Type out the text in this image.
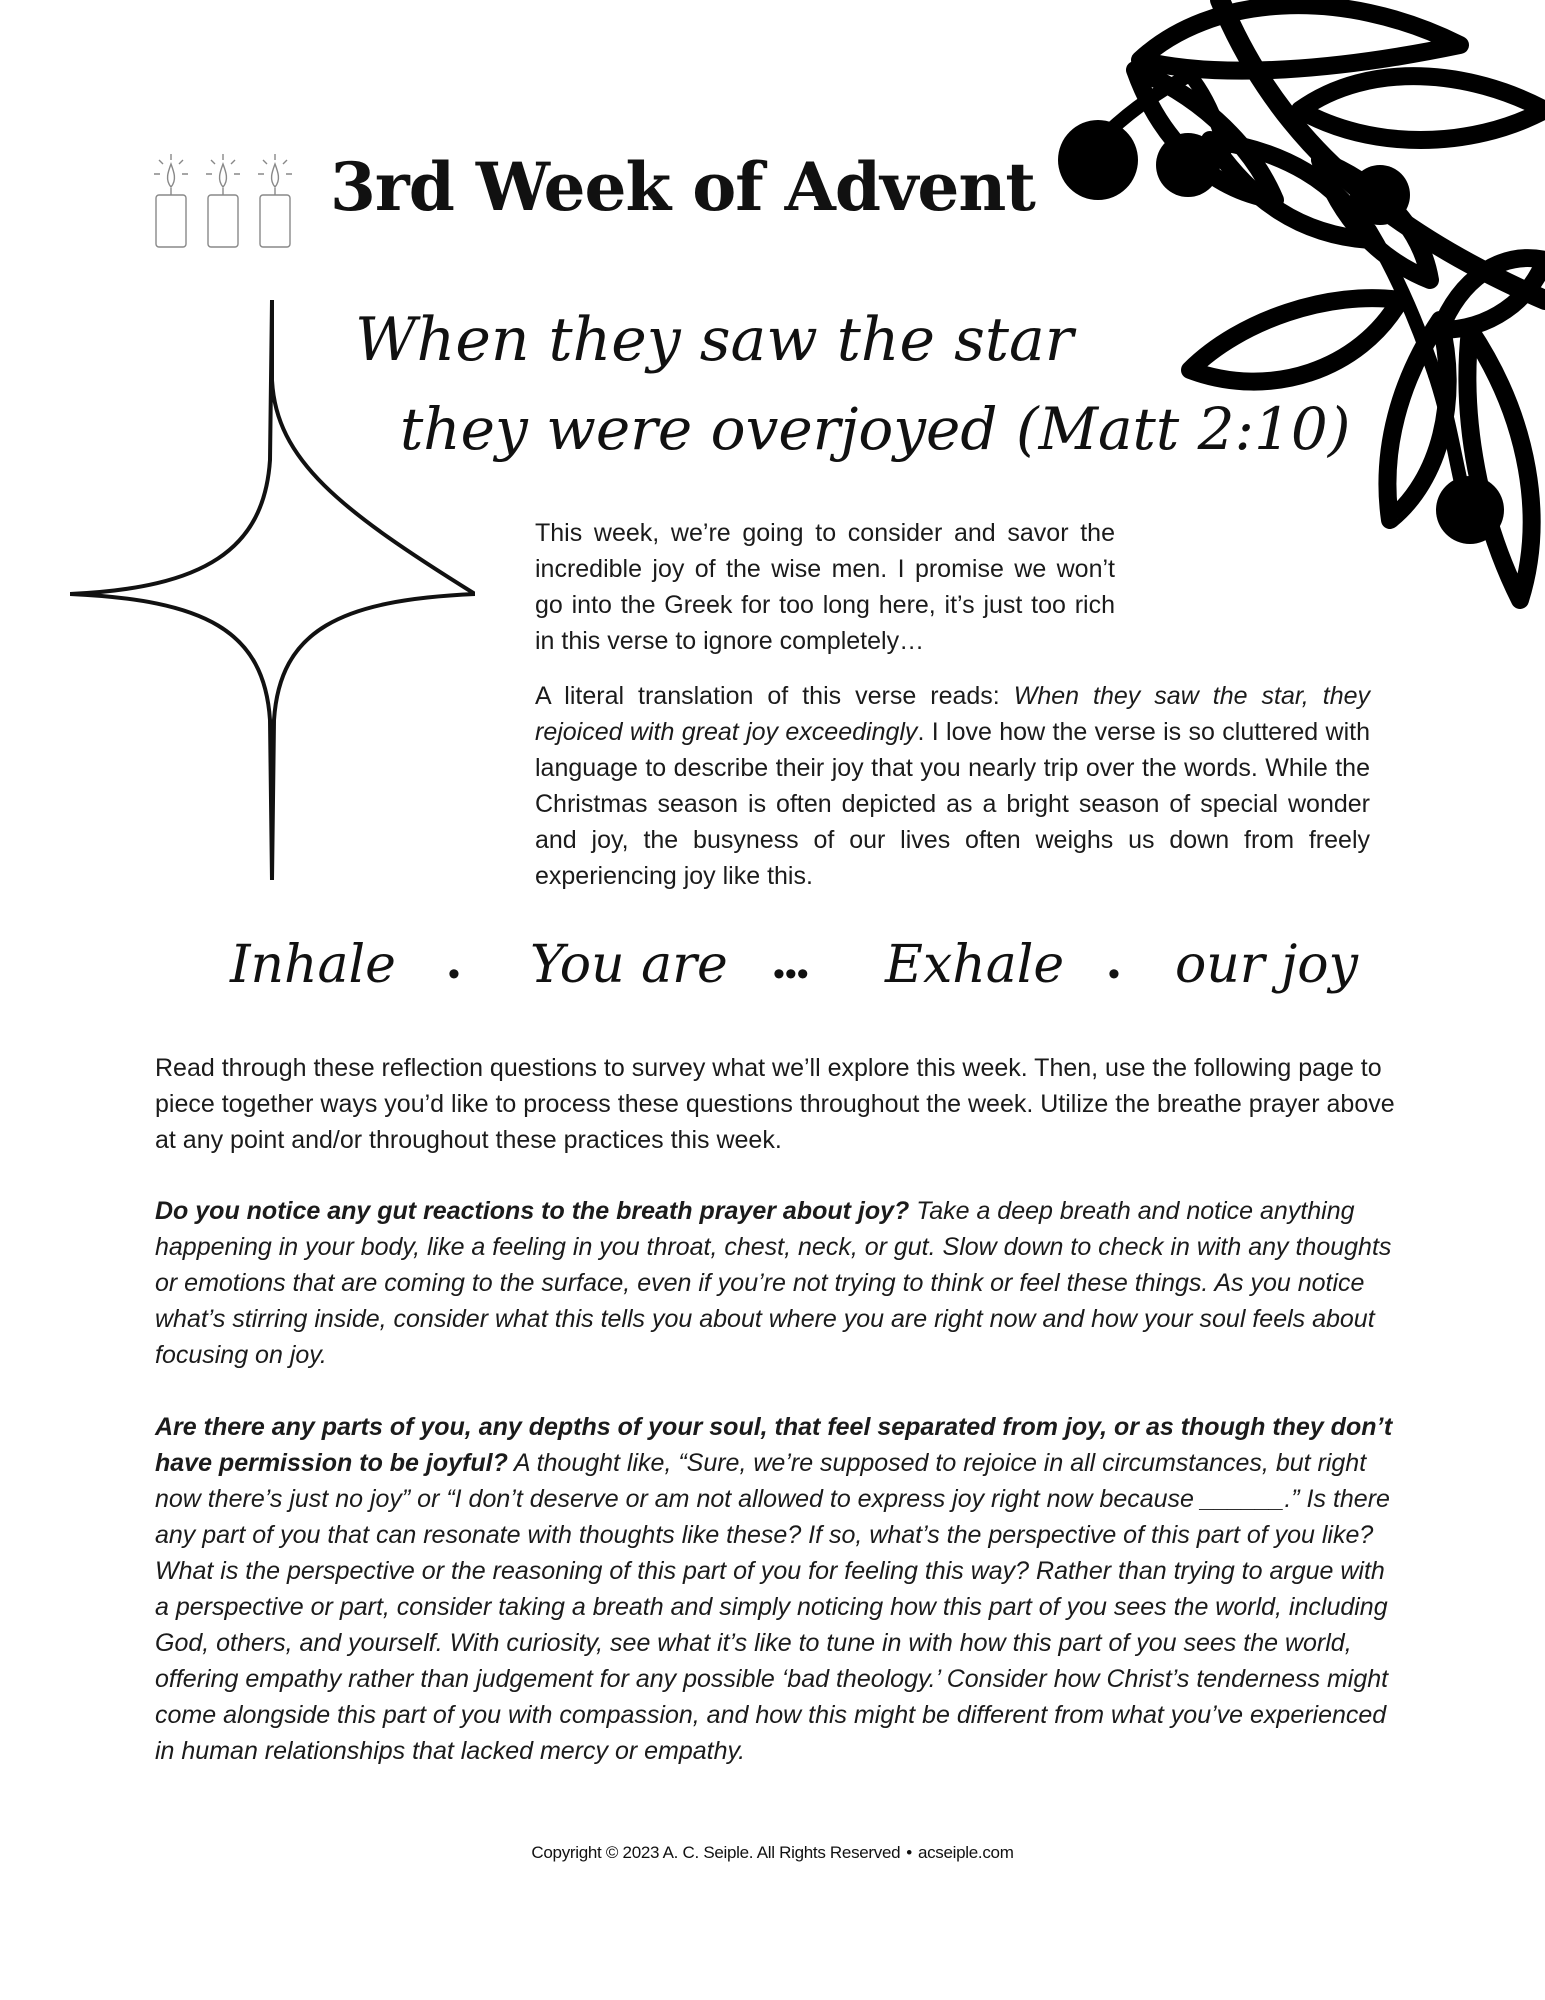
3rd Week of Advent
When they saw the star
they were overjoyed (Matt 2:10)

This week, we’re going to consider and savor the incredible joy of the wise men. I promise we won’t go into the Greek for too long here, it’s just too rich in this verse to ignore completely…

A literal translation of this verse reads: When they saw the star, they rejoiced with great joy exceedingly. I love how the verse is so cluttered with language to describe their joy that you nearly trip over the words. While the Christmas season is often depicted as a bright season of special wonder and joy, the busyness of our lives often weighs us down from freely experiencing joy like this.

Inhale • You are ••• Exhale • our joy

Read through these reflection questions to survey what we’ll explore this week. Then, use the following page to piece together ways you’d like to process these questions throughout the week. Utilize the breathe prayer above at any point and/or throughout these practices this week.

Do you notice any gut reactions to the breath prayer about joy? Take a deep breath and notice anything happening in your body, like a feeling in you throat, chest, neck, or gut. Slow down to check in with any thoughts or emotions that are coming to the surface, even if you’re not trying to think or feel these things. As you notice what’s stirring inside, consider what this tells you about where you are right now and how your soul feels about focusing on joy.

Are there any parts of you, any depths of your soul, that feel separated from joy, or as though they don’t have permission to be joyful? A thought like, “Sure, we’re supposed to rejoice in all circumstances, but right now there’s just no joy” or “I don’t deserve or am not allowed to express joy right now because ______.” Is there any part of you that can resonate with thoughts like these? If so, what’s the perspective of this part of you like? What is the perspective or the reasoning of this part of you for feeling this way? Rather than trying to argue with a perspective or part, consider taking a breath and simply noticing how this part of you sees the world, including God, others, and yourself. With curiosity, see what it’s like to tune in with how this part of you sees the world, offering empathy rather than judgement for any possible ‘bad theology.’ Consider how Christ’s tenderness might come alongside this part of you with compassion, and how this might be different from what you’ve experienced in human relationships that lacked mercy or empathy.

Copyright © 2023 A. C. Seiple. All Rights Reserved • acseiple.com
